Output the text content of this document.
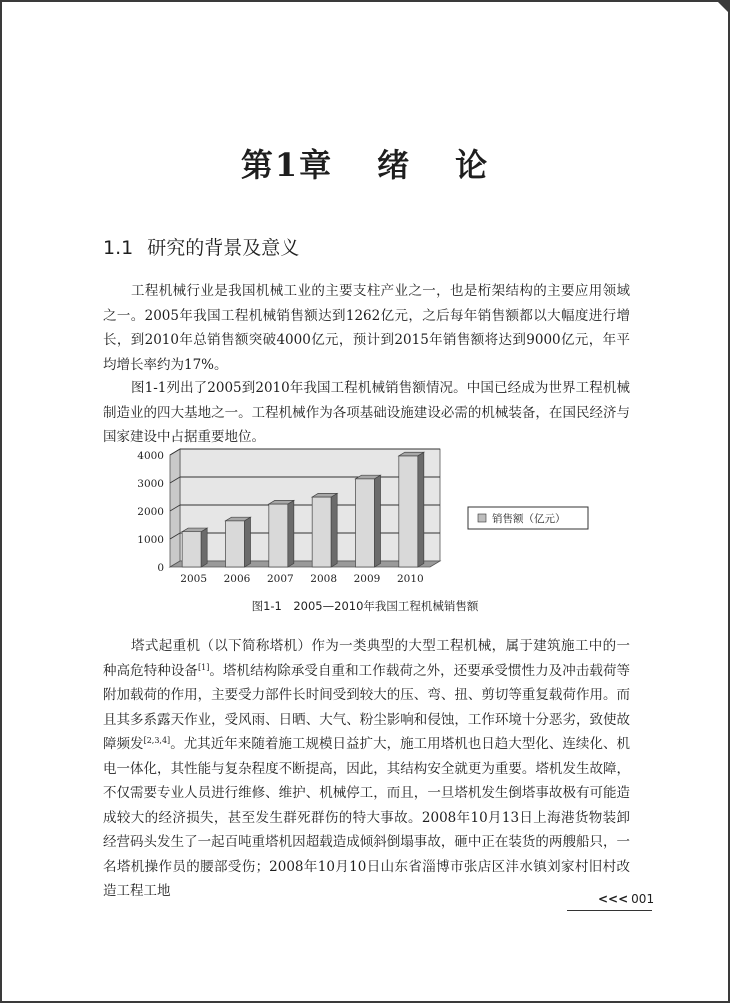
第1章 绪 论
1.1 研究的背景及意义

工程机械行业是我国机械工业的主要支柱产业之一，也是桁架结构的主要应用领域之一。2005年我国工程机械销售额达到1262亿元，之后每年销售额都以大幅度进行增长，到2010年总销售额突破4000亿元，预计到2015年销售额将达到9000亿元，年平均增长率约为17%。

图1-1列出了2005到2010年我国工程机械销售额情况。中国已经成为世界工程机械制造业的四大基地之一。工程机械作为各项基础设施建设必需的机械装备，在国民经济与国家建设中占据重要地位。

0
1000
2000
3000
4000
2005 2006 2007 2008 2009 2010
销售额（亿元）
图1-1　2005—2010年我国工程机械销售额

塔式起重机（以下简称塔机）作为一类典型的大型工程机械，属于建筑施工中的一种高危特种设备[1]。塔机结构除承受自重和工作载荷之外，还要承受惯性力及冲击载荷等附加载荷的作用，主要受力部件长时间受到较大的压、弯、扭、剪切等重复载荷作用。而且其多系露天作业，受风雨、日晒、大气、粉尘影响和侵蚀，工作环境十分恶劣，致使故障频发[2,3,4]。尤其近年来随着施工规模日益扩大，施工用塔机也日趋大型化、连续化、机电一体化，其性能与复杂程度不断提高，因此，其结构安全就更为重要。塔机发生故障，不仅需要专业人员进行维修、维护、机械停工，而且，一旦塔机发生倒塔事故极有可能造成较大的经济损失，甚至发生群死群伤的特大事故。2008年10月13日上海港货物装卸经营码头发生了一起百吨重塔机因超载造成倾斜倒塌事故，砸中正在装货的两艘船只，一名塔机操作员的腰部受伤；2008年10月10日山东省淄博市张店区沣水镇刘家村旧村改造工程工地	<<< 001
